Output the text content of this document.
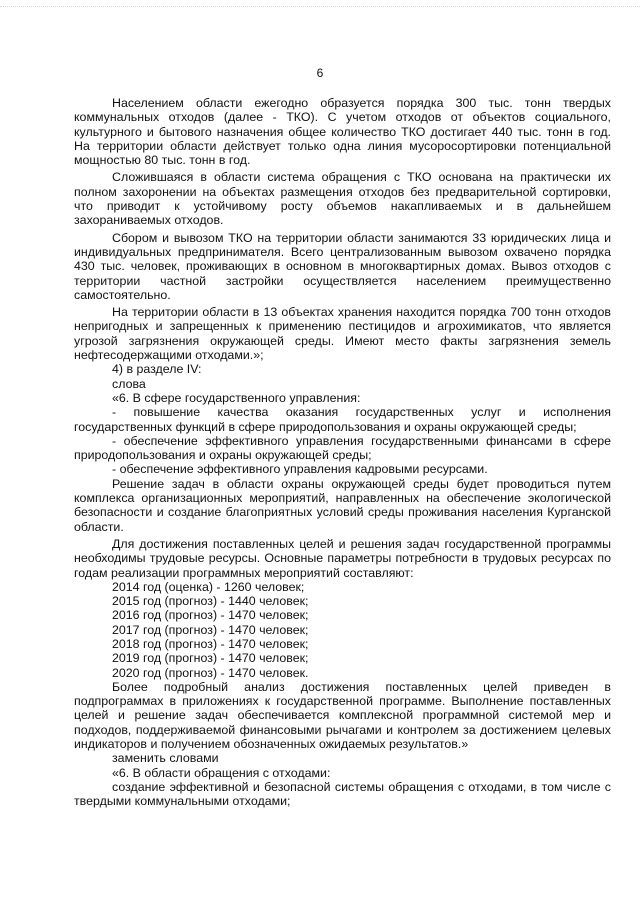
6

Населением области ежегодно образуется порядка 300 тыс. тонн твердых коммунальных отходов (далее - ТКО). С учетом отходов от объектов социального, культурного и бытового назначения общее количество ТКО достигает 440 тыс. тонн в год. На территории области действует только одна линия мусоросортировки потенциальной мощностью 80 тыс. тонн в год.

Сложившаяся в области система обращения с ТКО основана на практически их полном захоронении на объектах размещения отходов без предварительной сортировки, что приводит к устойчивому росту объемов накапливаемых и в дальнейшем захораниваемых отходов.

Сбором и вывозом ТКО на территории области занимаются 33 юридических лица и индивидуальных предпринимателя. Всего централизованным вывозом охвачено порядка 430 тыс. человек, проживающих в основном в многоквартирных домах. Вывоз отходов с территории частной застройки осуществляется населением преимущественно самостоятельно.

На территории области в 13 объектах хранения находится порядка 700 тонн отходов непригодных и запрещенных к применению пестицидов и агрохимикатов, что является угрозой загрязнения окружающей среды. Имеют место факты загрязнения земель нефтесодержащими отходами.»;

4) в разделе IV:

слова

«6. В сфере государственного управления:

- повышение качества оказания государственных услуг и исполнения государственных функций в сфере природопользования и охраны окружающей среды;

- обеспечение эффективного управления государственными финансами в сфере природопользования и охраны окружающей среды;

- обеспечение эффективного управления кадровыми ресурсами.

Решение задач в области охраны окружающей среды будет проводиться путем комплекса организационных мероприятий, направленных на обеспечение экологической безопасности и создание благоприятных условий среды проживания населения Курганской области.

Для достижения поставленных целей и решения задач государственной программы необходимы трудовые ресурсы. Основные параметры потребности в трудовых ресурсах по годам реализации программных мероприятий составляют:

2014 год (оценка) - 1260 человек;

2015 год (прогноз) - 1440 человек;

2016 год (прогноз) - 1470 человек;

2017 год (прогноз) - 1470 человек;

2018 год (прогноз) - 1470 человек;

2019 год (прогноз) - 1470 человек;

2020 год (прогноз) - 1470 человек.

Более подробный анализ достижения поставленных целей приведен в подпрограммах в приложениях к государственной программе. Выполнение поставленных целей и решение задач обеспечивается комплексной программной системой мер и подходов, поддерживаемой финансовыми рычагами и контролем за достижением целевых индикаторов и получением обозначенных ожидаемых результатов.»

заменить словами

«6. В области обращения с отходами:

создание эффективной и безопасной системы обращения с отходами, в том числе с твердыми коммунальными отходами;
